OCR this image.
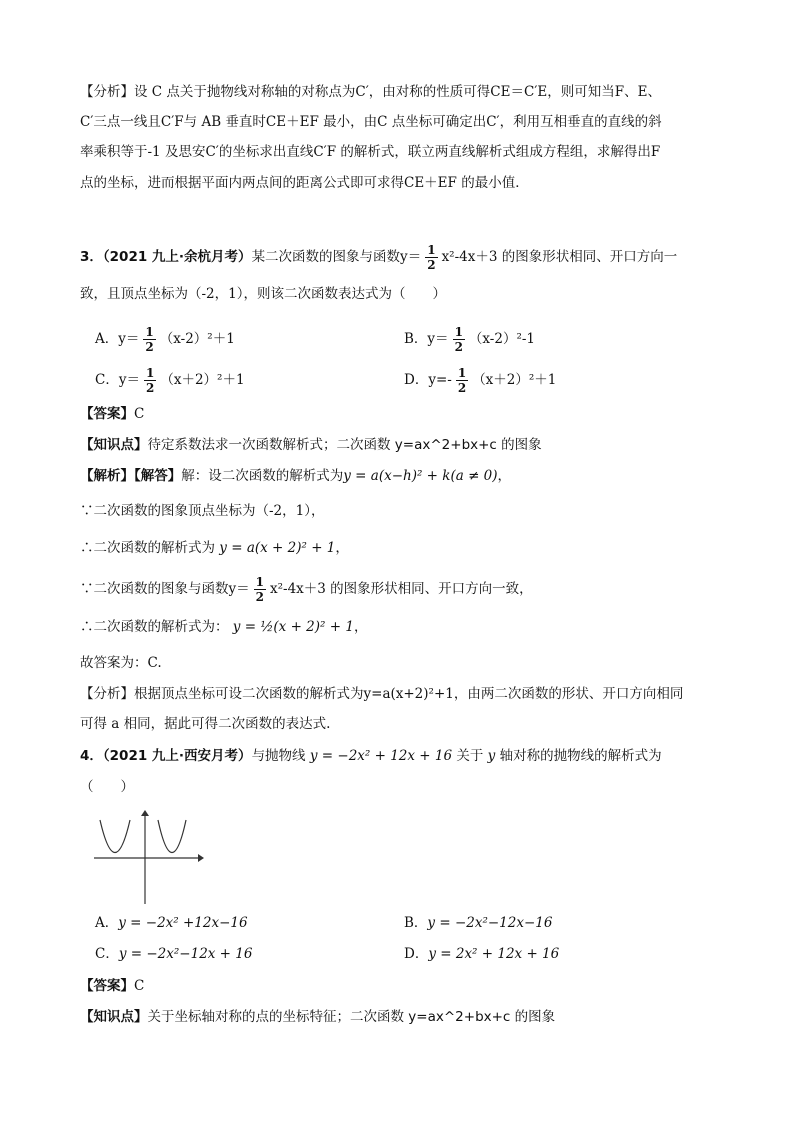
【分析】设 C 点关于抛物线对称轴的对称点为C′，由对称的性质可得CE＝C′E，则可知当F、E、
C′三点一线且C′F与 AB 垂直时CE＋EF 最小，由C 点坐标可确定出C′，利用互相垂直的直线的斜
率乘积等于-1 及思安C′的坐标求出直线C′F 的解析式，联立两直线解析式组成方程组，求解得出F
点的坐标，进而根据平面内两点间的距离公式即可求得CE＋EF 的最小值．
3．（2021 九上·余杭月考）某二次函数的图象与函数$y= \frac{1}{2} x^2-4x+3$ 的图象形状相同、开口方向一
致，且顶点坐标为（-2，1），则该二次函数表达式为（　　）
A．$y= \frac{1}{2} (x-2)^2+1$	B．$y= \frac{1}{2} (x-2)^2-1$
C．$y= \frac{1}{2} (x+2)^2+1$	D．$y=- \frac{1}{2} (x+2)^2+1$
【答案】C
【知识点】待定系数法求一次函数解析式；二次函数 y=ax^2+bx+c 的图象
【解析】【解答】解：设二次函数的解析式为y = a(x−h)² + k(a ≠ 0)，
∵二次函数的图象顶点坐标为（-2，1），
∴二次函数的解析式为 y = a(x + 2)² + 1，
∵二次函数的图象与函数$y= \frac{1}{2} x^2-4x+3$ 的图象形状相同、开口方向一致，
∴二次函数的解析式为： y = ½(x + 2)² + 1，
故答案为：C.
【分析】根据顶点坐标可设二次函数的解析式为y=a(x+2)²+1，由两二次函数的形状、开口方向相同
可得 a 相同，据此可得二次函数的表达式.
4．（2021 九上·西安月考）与抛物线 y = −2x² + 12x + 16 关于 y 轴对称的抛物线的解析式为
（　　）
A．y = −2x² +12x−16	B．y = −2x²−12x−16
C．y = −2x²−12x + 16	D．y = 2x² + 12x + 16
【答案】C
【知识点】关于坐标轴对称的点的坐标特征；二次函数 y=ax^2+bx+c 的图象
